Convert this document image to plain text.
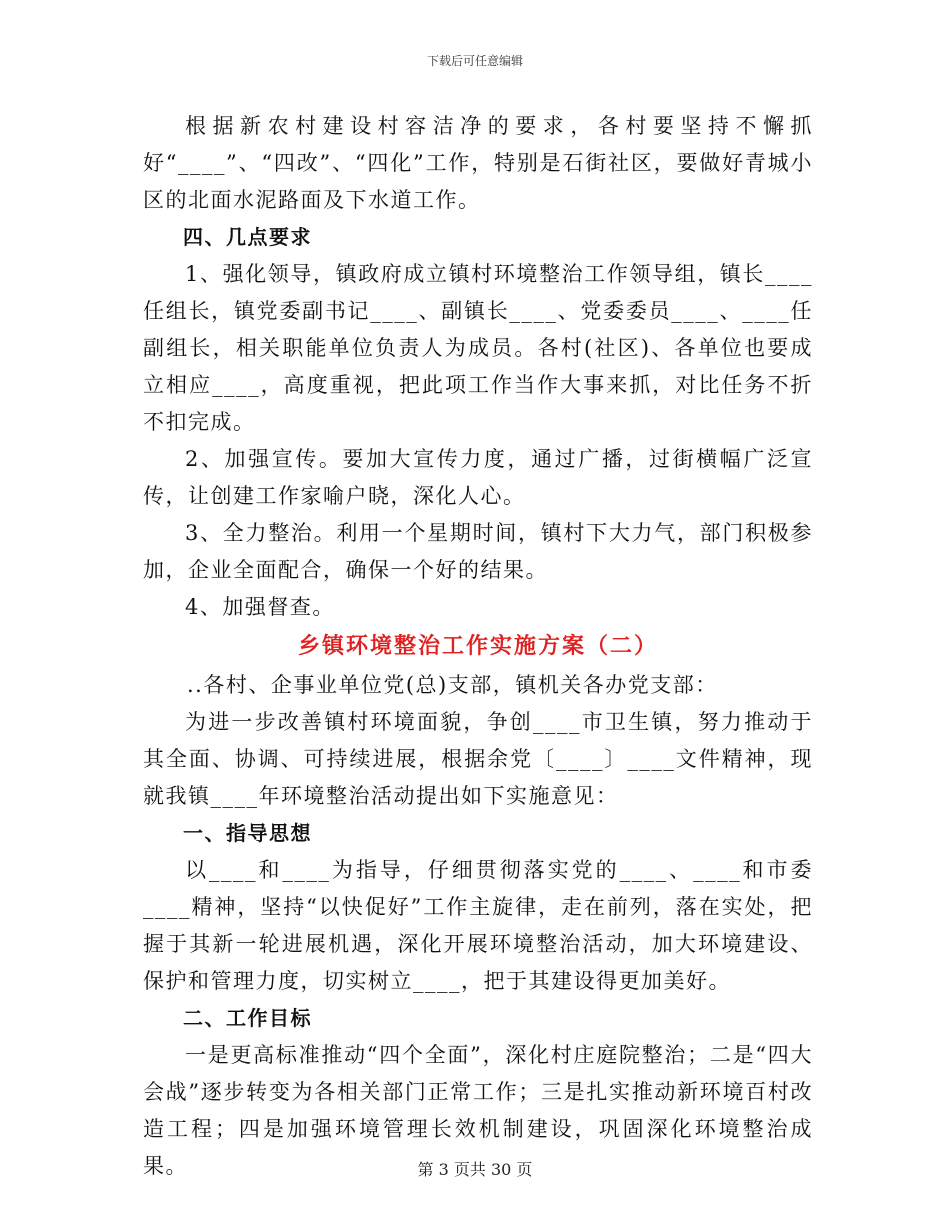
下载后可任意编辑

根据新农村建设村容洁净的要求，各村要坚持不懈抓好“____”、“四改”、“四化”工作，特别是石街社区，要做好青城小区的北面水泥路面及下水道工作。

四、几点要求

1、强化领导，镇政府成立镇村环境整治工作领导组，镇长____任组长，镇党委副书记____、副镇长____、党委委员____、____任副组长，相关职能单位负责人为成员。各村(社区)、各单位也要成立相应____，高度重视，把此项工作当作大事来抓，对比任务不折不扣完成。

2、加强宣传。要加大宣传力度，通过广播，过街横幅广泛宣传，让创建工作家喻户晓，深化人心。

3、全力整治。利用一个星期时间，镇村下大力气，部门积极参加，企业全面配合，确保一个好的结果。

4、加强督查。

乡镇环境整治工作实施方案（二）

..各村、企事业单位党(总)支部，镇机关各办党支部：

为进一步改善镇村环境面貌，争创____市卫生镇，努力推动于其全面、协调、可持续进展，根据余党〔____〕____文件精神，现就我镇____年环境整治活动提出如下实施意见：

一、指导思想

以____和____为指导，仔细贯彻落实党的____、____和市委____精神，坚持“以快促好”工作主旋律，走在前列，落在实处，把握于其新一轮进展机遇，深化开展环境整治活动，加大环境建设、保护和管理力度，切实树立____，把于其建设得更加美好。

二、工作目标

一是更高标准推动“四个全面”，深化村庄庭院整治；二是“四大会战”逐步转变为各相关部门正常工作；三是扎实推动新环境百村改造工程；四是加强环境管理长效机制建设，巩固深化环境整治成果。	第 3 页共 30 页
